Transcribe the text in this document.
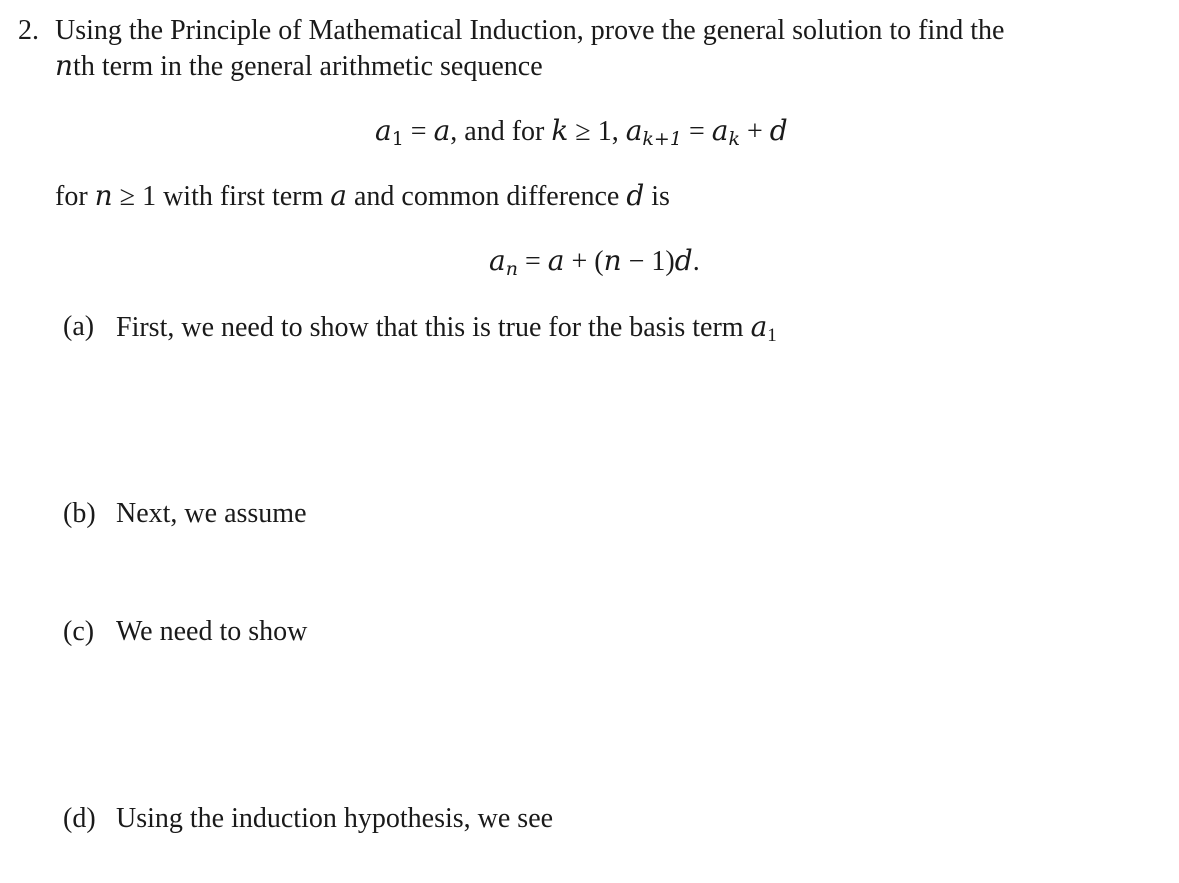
2. Using the Principle of Mathematical Induction, prove the general solution to find the
nth term in the general arithmetic sequence
$a_1 = a$, and for k ≥ 1, $a_{k+1} = a_k + d$
for n ≥ 1 with first term a and common difference d is
$a_n = a + (n - 1)d$.
(a) First, we need to show that this is true for the basis term $a_1$
(b) Next, we assume
(c) We need to show
(d) Using the induction hypothesis, we see
